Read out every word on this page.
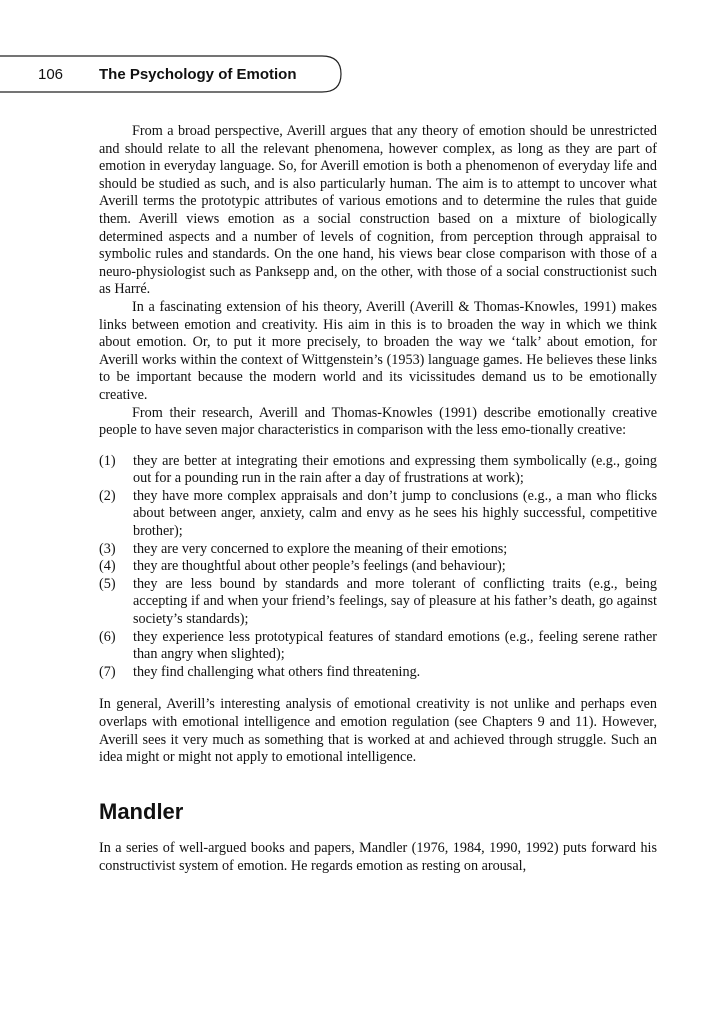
106 The Psychology of Emotion

From a broad perspective, Averill argues that any theory of emotion should be unrestricted and should relate to all the relevant phenomena, however complex, as long as they are part of emotion in everyday language. So, for Averill emotion is both a phenomenon of everyday life and should be studied as such, and is also particularly human. The aim is to attempt to uncover what Averill terms the prototypic attributes of various emotions and to determine the rules that guide them. Averill views emotion as a social construction based on a mixture of biologically determined aspects and a number of levels of cognition, from perception through appraisal to symbolic rules and standards. On the one hand, his views bear close comparison with those of a neuro-physiologist such as Panksepp and, on the other, with those of a social constructionist such as Harré.

In a fascinating extension of his theory, Averill (Averill & Thomas-Knowles, 1991) makes links between emotion and creativity. His aim in this is to broaden the way in which we think about emotion. Or, to put it more precisely, to broaden the way we ‘talk’ about emotion, for Averill works within the context of Wittgenstein’s (1953) language games. He believes these links to be important because the modern world and its vicissitudes demand us to be emotionally creative.

From their research, Averill and Thomas-Knowles (1991) describe emotionally creative people to have seven major characteristics in comparison with the less emo-tionally creative:

(1) they are better at integrating their emotions and expressing them symbolically (e.g., going out for a pounding run in the rain after a day of frustrations at work);
(2) they have more complex appraisals and don’t jump to conclusions (e.g., a man who flicks about between anger, anxiety, calm and envy as he sees his highly successful, competitive brother);
(3) they are very concerned to explore the meaning of their emotions;
(4) they are thoughtful about other people’s feelings (and behaviour);
(5) they are less bound by standards and more tolerant of conflicting traits (e.g., being accepting if and when your friend’s feelings, say of pleasure at his father’s death, go against society’s standards);
(6) they experience less prototypical features of standard emotions (e.g., feeling serene rather than angry when slighted);
(7) they find challenging what others find threatening.

In general, Averill’s interesting analysis of emotional creativity is not unlike and perhaps even overlaps with emotional intelligence and emotion regulation (see Chapters 9 and 11). However, Averill sees it very much as something that is worked at and achieved through struggle. Such an idea might or might not apply to emotional intelligence.

Mandler

In a series of well-argued books and papers, Mandler (1976, 1984, 1990, 1992) puts forward his constructivist system of emotion. He regards emotion as resting on arousal,
